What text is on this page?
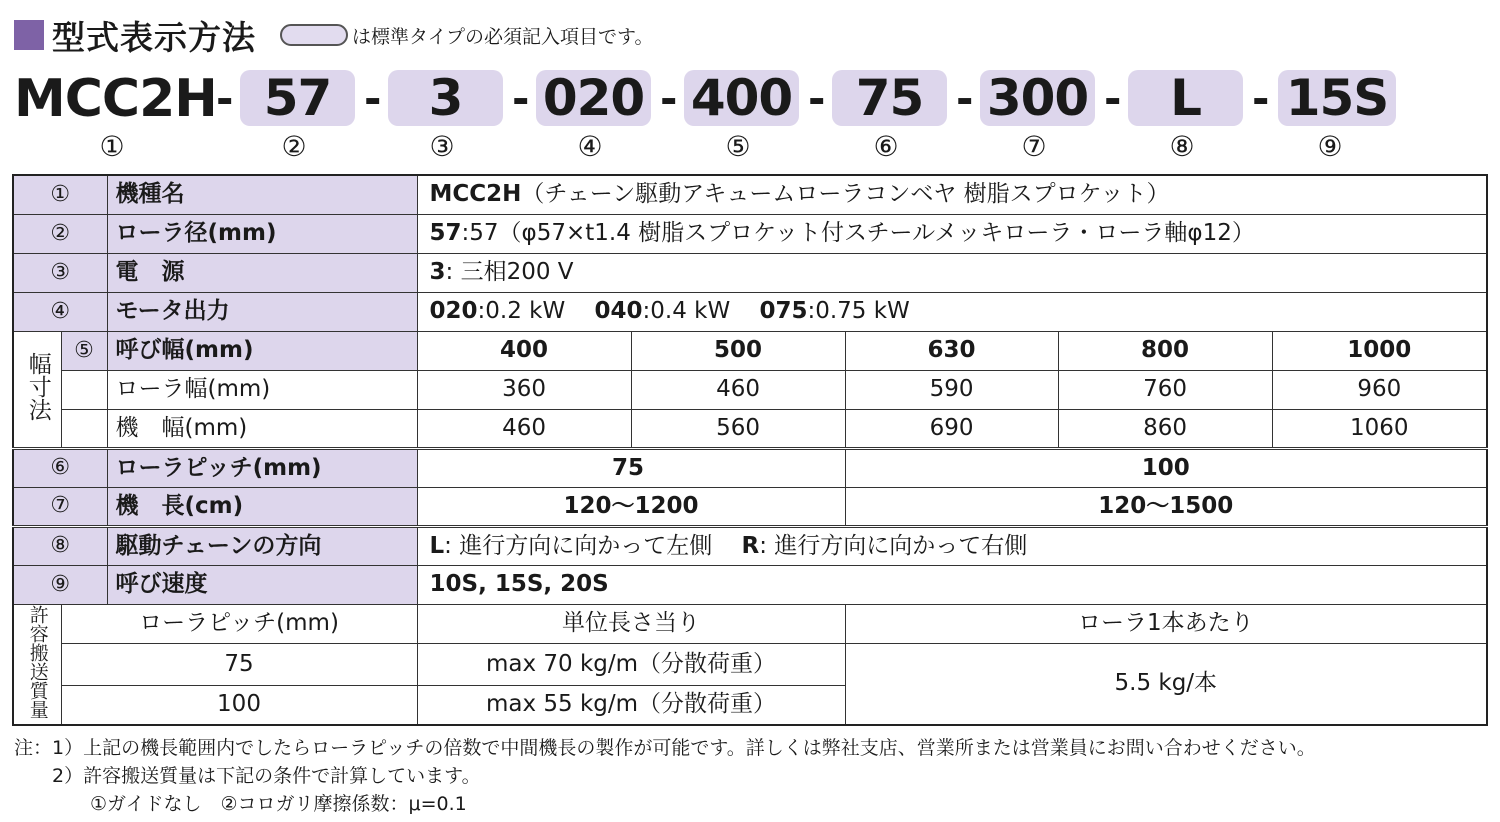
型式表示方法	は標準タイプの必須記入項目です。
MCC2H - 57 - 3	- 020 - 400 - 75 - 300 - L	- 15S
①	②	③	④	⑤	⑥	⑦	⑧	⑨
①		機種名	MCC2H（チェーン駆動アキュームローラコンベヤ 樹脂スプロケット）				
②		ローラ径(mm)	57:57（φ57×t1.4 樹脂スプロケット付スチールメッキローラ・ローラ軸φ12）				
③		電　源	3: 三相200 V				
④		モータ出力	020:0.2 kW 040:0.4 kW 075:0.75 kW				
幅寸法	⑤	呼び幅(mm)	400	500	630	800	1000
		ローラ幅(mm)	360	460	590	760	960
		機　幅(mm)	460	560	690	860	1060
⑥		ローラピッチ(mm)	75		100		
⑦		機　長(cm)	120～1200		120～1500		
⑧		駆動チェーンの方向	L: 進行方向に向かって左側 R: 進行方向に向かって右側				
⑨		呼び速度	10S, 15S, 20S				
許容搬送質量	ローラピッチ(mm)		単位長さ当り		ローラ1本あたり		
	75		max 70 kg/m（分散荷重）		5.5 kg/本		
	100		max 55 kg/m（分散荷重）				
注：1）上記の機長範囲内でしたらローラピッチの倍数で中間機長の製作が可能です。詳しくは弊社支店、営業所または営業員にお問い合わせください。
　　2）許容搬送質量は下記の条件で計算しています。
　　　　①ガイドなし　②コロガリ摩擦係数：μ=0.1
